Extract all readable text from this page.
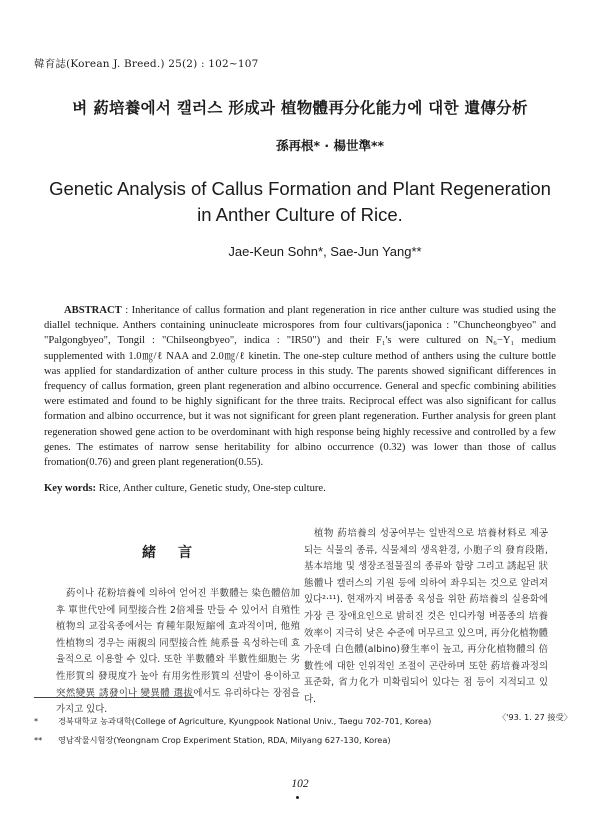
韓育誌(Korean J. Breed.) 25(2) : 102~107
벼 葯培養에서 캘러스 形成과 植物體再分化能力에 대한 遺傳分析
孫再根* · 楊世準**
Genetic Analysis of Callus Formation and Plant Regeneration
in Anther Culture of Rice.
Jae-Keun Sohn*, Sae-Jun Yang**
ABSTRACT : Inheritance of callus formation and plant regeneration in rice anther culture was studied using the diallel technique. Anthers containing uninucleate microspores from four cultivars(japonica : "Chuncheongbyeo" and "Palgongbyeo", Tongil : "Chilseongbyeo", indica : "IR50") and their F₁'s were cultured on N₆−Y₁ medium supplemented with 1.0㎎/ℓ NAA and 2.0㎎/ℓ kinetin. The one-step culture method of anthers using the culture bottle was applied for standardization of anther culture process in this study. The parents showed significant differences in frequency of callus formation, green plant regeneration and albino occurrence. General and specfic combining abilities were estimated and found to be highly significant for the three traits. Reciprocal effect was also significant for callus formation and albino occurrence, but it was not significant for green plant regeneration. Further analysis for green plant regeneration showed gene action to be overdominant with high response being highly recessive and controlled by a few genes. The estimates of narrow sense heritability for albino occurrence (0.32) was lower than those of callus fromation(0.76) and green plant regeneration(0.55).
Key words: Rice, Anther culture, Genetic study, One-step culture.
緒言

葯이나 花粉培養에 의하여 얻어진 半數體는 染色體倍加 후 單世代안에 同型接合性 2倍체를 만들 수 있어서 自殖性植物의 교잡육종에서는 育種年限短縮에 효과적이며, 他殖性植物의 경우는 兩親의 同型接合性 純系를 육성하는데 효율적으로 이용할 수 있다. 또한 半數體와 半數性細胞는 劣性形質의 發現度가 높아 有用劣性形質의 선발이 용이하고 突然變異 誘發이나 變異體 選拔에서도 유리하다는 장점을 가지고 있다.

植物 葯培養의 성공여부는 일반적으로 培養材料로 제공되는 식물의 종류, 식물체의 생육환경, 小胞子의 發育段階, 基本培地 및 생장조절물질의 종류와 함량 그리고 誘起된 狀態體나 캘러스의 기원 등에 의하여 좌우되는 것으로 알려져 있다²·¹¹). 현재까지 벼품종 육성을 위한 葯培養의 실용화에 가장 큰 장애요인으로 밝히진 것은 인디카형 벼품종의 培養效率이 지극히 낮은 수준에 머무르고 있으며, 再分化植物體 가운데 白色體(albino)發生率이 높고, 再分化植物體의 倍數性에 대한 인위적인 조절이 곤란하며 또한 葯培養과정의 표준화, 省力化가 미확립되어 있다는 점 등이 지적되고 있다.

* 경북대학교 농과대학(College of Agriculture, Kyungpook National Univ., Taegu 702-701, Korea)
** 영남작물시험장(Yeongnam Crop Experiment Station, RDA, Milyang 627-130, Korea)
〈'93. 1. 27 接受〉
102
